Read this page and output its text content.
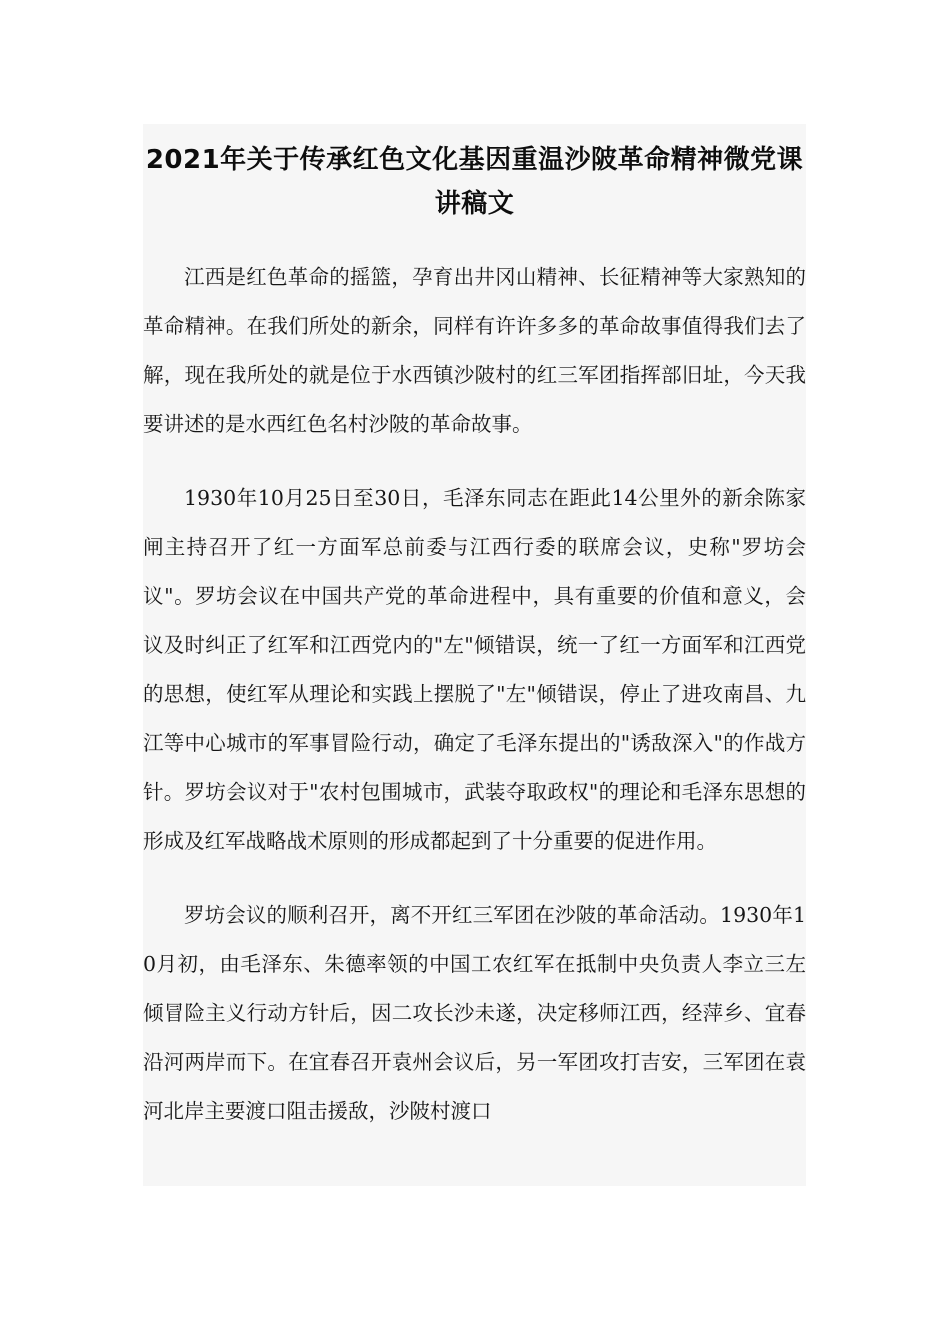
2021年关于传承红色文化基因重温沙陂革命精神微党课讲稿文

江西是红色革命的摇篮，孕育出井冈山精神、长征精神等大家熟知的革命精神。在我们所处的新余，同样有许许多多的革命故事值得我们去了解，现在我所处的就是位于水西镇沙陂村的红三军团指挥部旧址，今天我要讲述的是水西红色名村沙陂的革命故事。

1930年10月25日至30日，毛泽东同志在距此14公里外的新余陈家闸主持召开了红一方面军总前委与江西行委的联席会议，史称"罗坊会议"。罗坊会议在中国共产党的革命进程中，具有重要的价值和意义，会议及时纠正了红军和江西党内的"左"倾错误，统一了红一方面军和江西党的思想，使红军从理论和实践上摆脱了"左"倾错误，停止了进攻南昌、九江等中心城市的军事冒险行动，确定了毛泽东提出的"诱敌深入"的作战方针。罗坊会议对于"农村包围城市，武装夺取政权"的理论和毛泽东思想的形成及红军战略战术原则的形成都起到了十分重要的促进作用。

罗坊会议的顺利召开，离不开红三军团在沙陂的革命活动。1930年10月初，由毛泽东、朱德率领的中国工农红军在抵制中央负责人李立三左倾冒险主义行动方针后，因二攻长沙未遂，决定移师江西，经萍乡、宜春沿河两岸而下。在宜春召开袁州会议后，另一军团攻打吉安，三军团在袁河北岸主要渡口阻击援敌，沙陂村渡口
